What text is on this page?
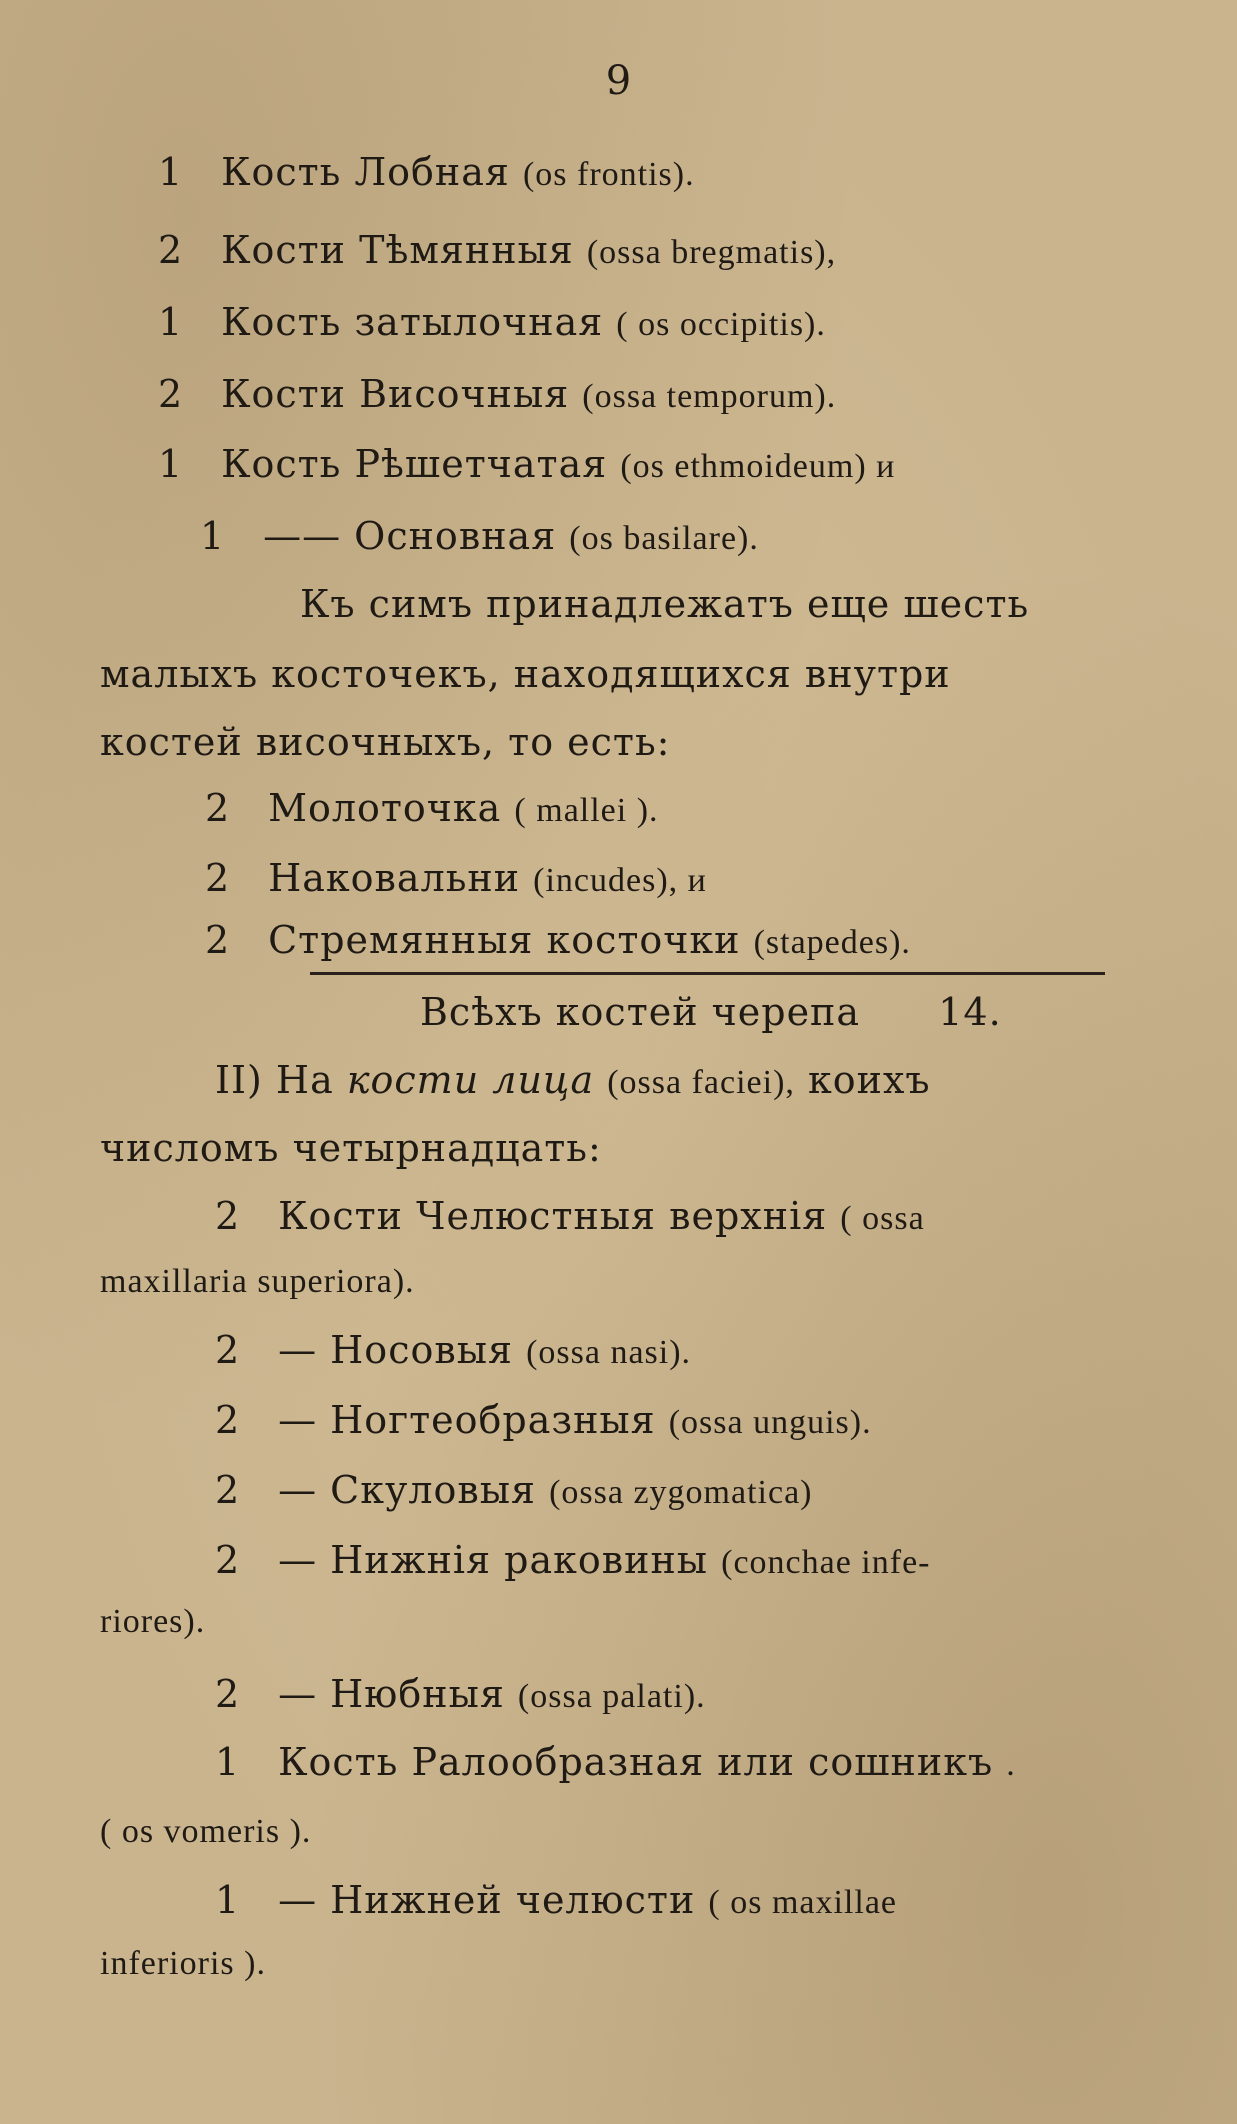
9
1 Кость Лобная (os frontis).
2 Кости Тѣмянныя (ossa bregmatis),
1 Кость затылочная ( os occipitis).
2 Кости Височныя (ossa temporum).
1 Кость Рѣшетчатая (os ethmoideum) и
1 —— Основная (os basilare).
Къ симъ принадлежатъ еще шесть
малыхъ косточекъ, находящихся внутри
костей височныхъ, то есть:
2 Молоточка ( mallei ).
2 Наковальни (incudes), и
2 Стремянныя косточки (stapedes).
Всѣхъ костей черепа 14.
II) На кости лица (ossa faciei), коихъ
числомъ четырнадцать:
2 Кости Челюстныя верхнія ( ossa
maxillaria superiora).
2 — Носовыя (ossa nasi).
2 — Ногтеобразныя (ossa unguis).
2 — Скуловыя (ossa zygomatica)
2 — Нижнія раковины (conchae infe-
riores).
2 — Нюбныя (ossa palati).
1 Кость Ралообразная или сошникъ .
( os vomeris ).
1 — Нижней челюсти ( os maxillae
inferioris ).
